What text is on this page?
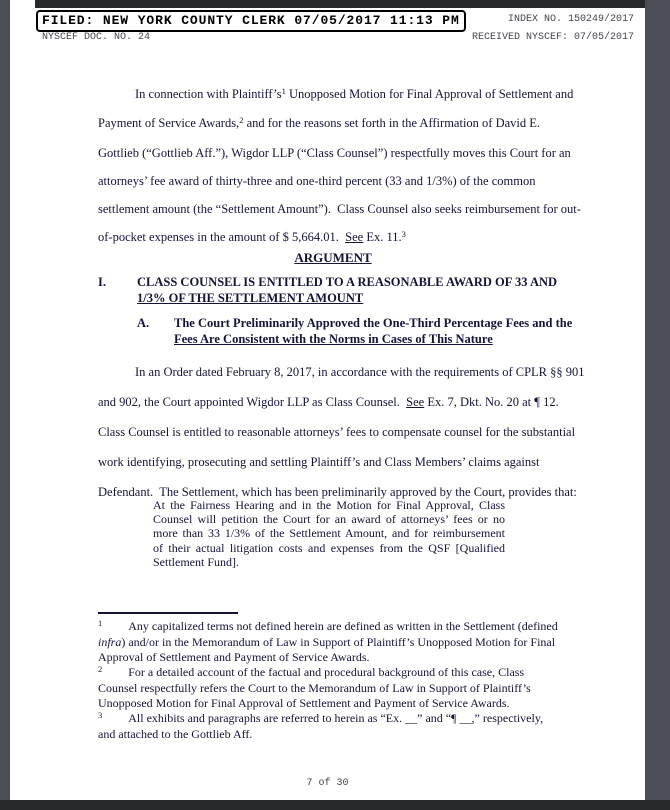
FILED: NEW YORK COUNTY CLERK 07/05/2017 11:13 PM	INDEX NO. 150249/2017
NYSCEF DOC. NO. 24	RECEIVED NYSCEF: 07/05/2017
In connection with $Plaintiff’s^1$ Unopposed Motion for Final Approval of Settlement and
Payment of Service Awards,$^2$ and for the reasons set forth in the Affirmation of David E.
Gottlieb (“Gottlieb Aff.”), Wigdor LLP (“Class Counsel”) respectfully moves this Court for an
attorneys’ fee award of thirty-three and one-third percent (33 and 1/3%) of the common
settlement amount (the “Settlement Amount”).  Class Counsel also seeks reimbursement for out-
of-pocket expenses in the amount of $ 5,664.01.  See Ex. 11.$^3$
ARGUMENT
I. CLASS COUNSEL IS ENTITLED TO A REASONABLE AWARD OF 33 AND
1/3% OF THE SETTLEMENT AMOUNT
A. The Court Preliminarily Approved the One-Third Percentage Fees and the
Fees Are Consistent with the Norms in Cases of This Nature
In an Order dated February 8, 2017, in accordance with the requirements of CPLR §§ 901
and 902, the Court appointed Wigdor LLP as Class Counsel.  See Ex. 7, Dkt. No. 20 at ¶ 12.
Class Counsel is entitled to reasonable attorneys’ fees to compensate counsel for the substantial
work identifying, prosecuting and settling Plaintiff’s and Class Members’ claims against
Defendant.  The Settlement, which has been preliminarily approved by the Court, provides that:
At the Fairness Hearing and in the Motion for Final Approval, Class
Counsel will petition the Court for an award of attorneys’ fees or no
more than 33 1/3% of the Settlement Amount, and for reimbursement
of their actual litigation costs and expenses from the QSF [Qualified
Settlement Fund].
$^1$ Any capitalized terms not defined herein are defined as written in the Settlement (defined
infra) and/or in the Memorandum of Law in Support of Plaintiff’s Unopposed Motion for Final
Approval of Settlement and Payment of Service Awards.
$^2$ For a detailed account of the factual and procedural background of this case, Class
Counsel respectfully refers the Court to the Memorandum of Law in Support of Plaintiff’s
Unopposed Motion for Final Approval of Settlement and Payment of Service Awards.
$^3$ All exhibits and paragraphs are referred to herein as “Ex. __” and “¶ __,” respectively,
and attached to the Gottlieb Aff.
7 of 30
